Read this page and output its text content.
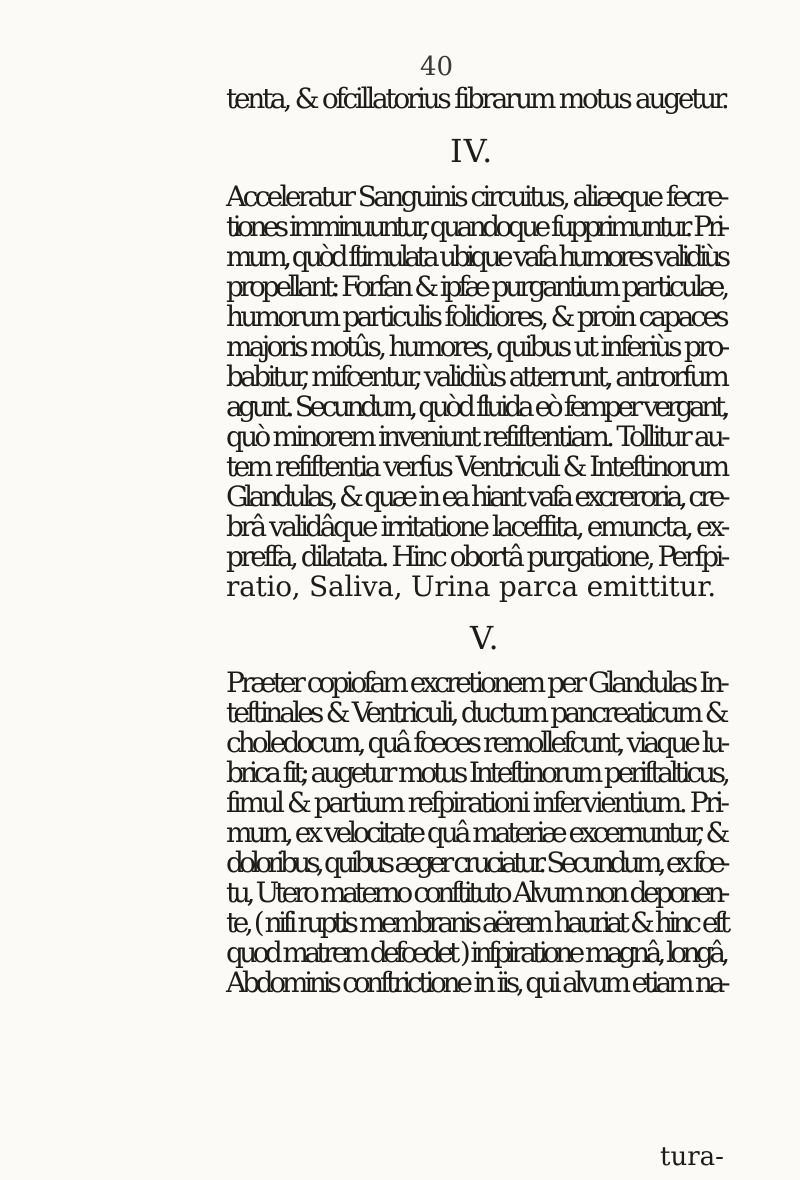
40
tenta, & ofcillatorius fibrarum motus augetur.
IV.
Acceleratur Sanguinis circuitus, aliæque fecre-
tiones imminuuntur, quandoque fupprimuntur. Pri-
mum, quòd ftimulata ubique vafa humores validiùs
propellant: Forfan & ipfæ purgantium particulæ,
humorum particulis folidiores, & proin capaces
majoris motûs, humores, quibus ut inferiùs pro-
babitur, mifcentur, validiùs atterrunt, antrorfum
agunt. Secundum, quòd fluida eò femper vergant,
quò minorem inveniunt refiftentiam. Tollitur au-
tem refiftentia verfus Ventriculi & Inteftinorum
Glandulas, & quæ in ea hiant vafa excreroria, cre-
brâ validâque irritatione laceffita, emuncta, ex-
preffa, dilatata. Hinc obortâ purgatione, Perfpi-
ratio, Saliva, Urina parca emittitur.
V.
Præter copiofam excretionem per Glandulas In-
teftinales & Ventriculi, ductum pancreaticum &
choledocum, quâ fœces remollefcunt, viaque lu-
brica fit; augetur motus Inteftinorum periftalticus,
fimul & partium refpirationi infervientium. Pri-
mum, ex velocitate quâ materiæ excernuntur, &
doloribus, quibus æger cruciatur. Secundum, ex fœ-
tu, Utero materno conftituto Alvum non deponen-
te, ( nifi ruptis membranis aërem hauriat & hinc eft
quod matrem defœdet ) infpiratione magnâ, longâ,
Abdominis conftrictione in iis, qui alvum etiam na-
tura-
